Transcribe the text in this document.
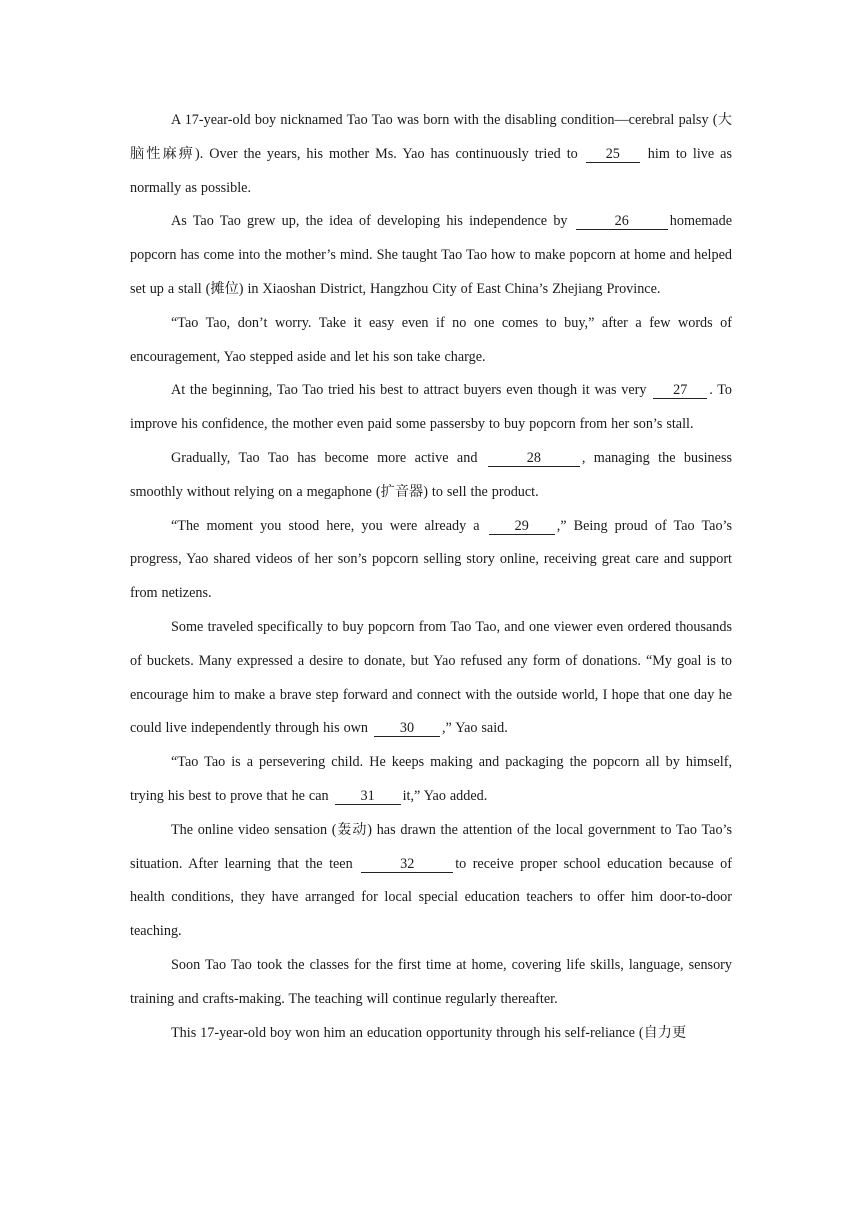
A 17-year-old boy nicknamed Tao Tao was born with the disabling condition—cerebral palsy (大脑性麻痹). Over the years, his mother Ms. Yao has continuously tried to 25 him to live as normally as possible.

As Tao Tao grew up, the idea of developing his independence by	26	homemade popcorn has come into the mother’s mind. She taught Tao Tao how to make popcorn at home and helped set up a stall (摊位) in Xiaoshan District, Hangzhou City of East China’s Zhejiang Province.

“Tao Tao, don’t worry. Take it easy even if no one comes to buy,” after a few words of encouragement, Yao stepped aside and let his son take charge.

At the beginning, Tao Tao tried his best to attract buyers even though it was very 27 . To improve his confidence, the mother even paid some passersby to buy popcorn from her son’s stall.

Gradually, Tao Tao has become more active and	28	, managing the business smoothly without relying on a megaphone (扩音器) to sell the product.

“The moment you stood here, you were already a 29 ,” Being proud of Tao Tao’s progress, Yao shared videos of her son’s popcorn selling story online, receiving great care and support from netizens.

Some traveled specifically to buy popcorn from Tao Tao, and one viewer even ordered thousands of buckets. Many expressed a desire to donate, but Yao refused any form of donations. “My goal is to encourage him to make a brave step forward and connect with the outside world, I hope that one day he could live independently through his own 30 ,” Yao said.

“Tao Tao is a persevering child. He keeps making and packaging the popcorn all by himself, trying his best to prove that he can 31 it,” Yao added.

The online video sensation (轰动) has drawn the attention of the local government to Tao Tao’s situation. After learning that the teen	32	to receive proper school education because of health conditions, they have arranged for local special education teachers to offer him door-to-door teaching.

Soon Tao Tao took the classes for the first time at home, covering life skills, language, sensory training and crafts-making. The teaching will continue regularly thereafter.

This 17-year-old boy won him an education opportunity through his self-reliance (自力更
